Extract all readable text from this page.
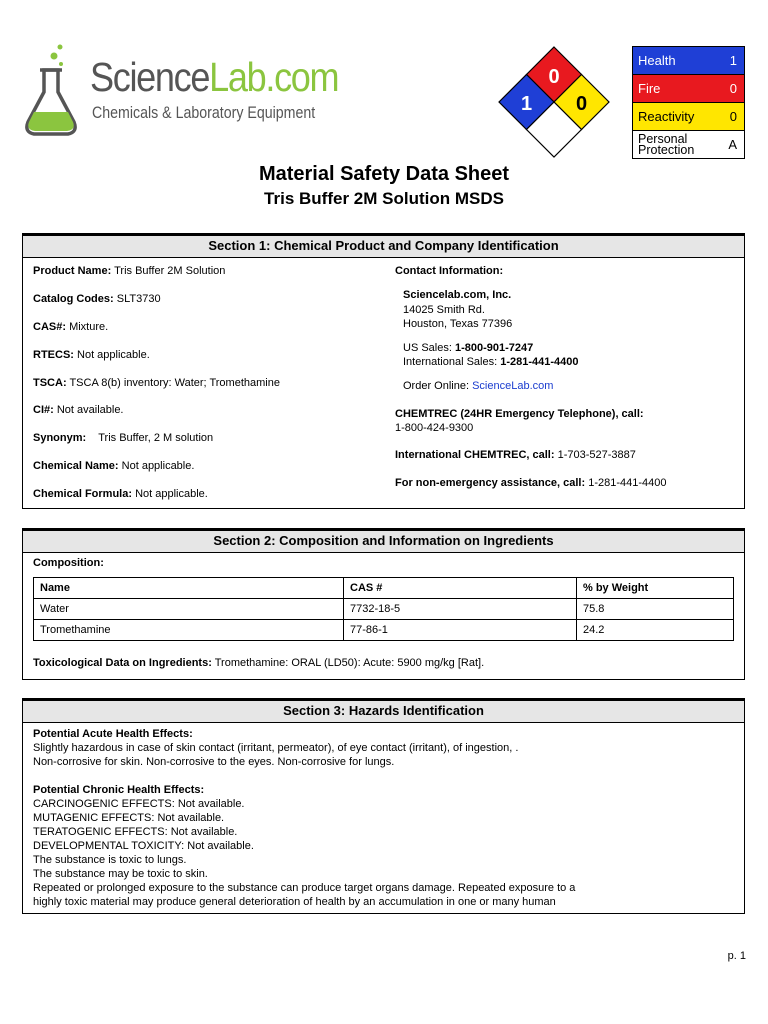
ScienceLab.com
Chemicals & Laboratory Equipment
0
1 0
Health	1
Fire	0
Reactivity	0
Personal
Protection	A
Material Safety Data Sheet
Tris Buffer 2M Solution MSDS
Section 1: Chemical Product and Company Identification
Product Name: Tris Buffer 2M Solution
Catalog Codes: SLT3730
CAS#: Mixture.
RTECS: Not applicable.
TSCA: TSCA 8(b) inventory: Water; Tromethamine
CI#: Not available.
Synonym:    Tris Buffer, 2 M solution
Chemical Name: Not applicable.
Chemical Formula: Not applicable.
Contact Information:
Sciencelab.com, Inc.
14025 Smith Rd.
Houston, Texas 77396
US Sales: 1-800-901-7247
International Sales: 1-281-441-4400
Order Online: ScienceLab.com
CHEMTREC (24HR Emergency Telephone), call:
1-800-424-9300
International CHEMTREC, call: 1-703-527-3887
For non-emergency assistance, call: 1-281-441-4400
Section 2: Composition and Information on Ingredients
Composition:
Name	CAS #	% by Weight
Water	7732-18-5	75.8
Tromethamine	77-86-1	24.2
Toxicological Data on Ingredients: Tromethamine: ORAL (LD50): Acute: 5900 mg/kg [Rat].
Section 3: Hazards Identification
Potential Acute Health Effects:
Slightly hazardous in case of skin contact (irritant, permeator), of eye contact (irritant), of ingestion, .
Non-corrosive for skin. Non-corrosive to the eyes. Non-corrosive for lungs.
Potential Chronic Health Effects:
CARCINOGENIC EFFECTS: Not available.
MUTAGENIC EFFECTS: Not available.
TERATOGENIC EFFECTS: Not available.
DEVELOPMENTAL TOXICITY: Not available.
The substance is toxic to lungs.
The substance may be toxic to skin.
Repeated or prolonged exposure to the substance can produce target organs damage. Repeated exposure to a
highly toxic material may produce general deterioration of health by an accumulation in one or many human
p. 1
